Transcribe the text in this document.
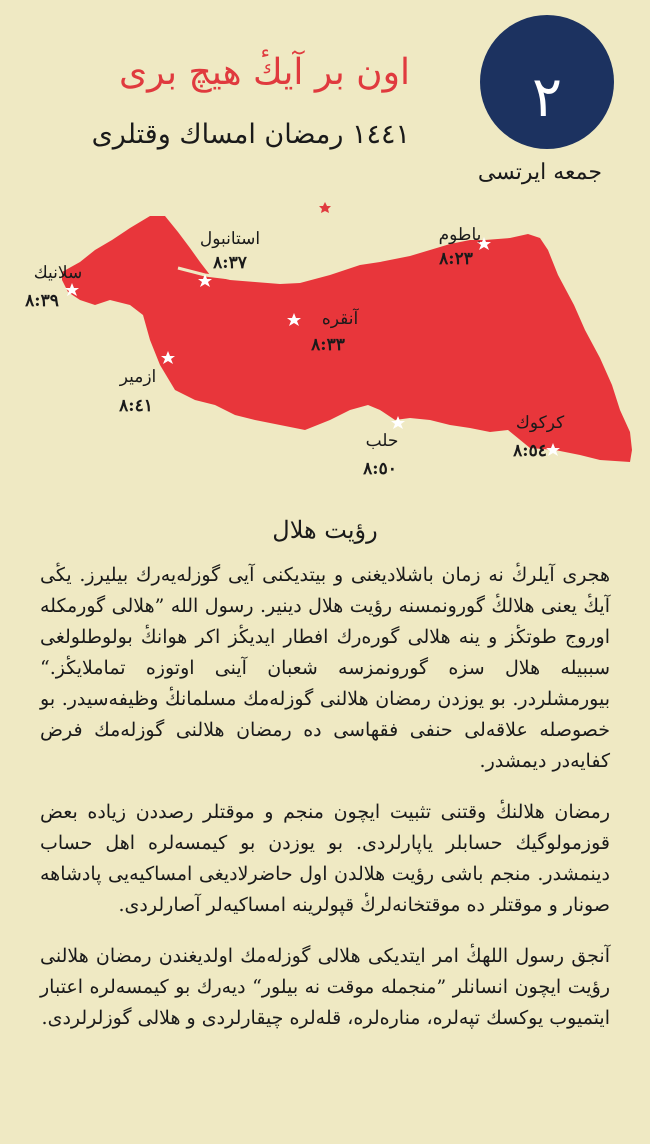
اون بر آيكٔ هيچ برى
١٤٤١ رمضان امساك وقتلرى
٢
جمعه ايرتسى
سلانيك
٨:٣٩
استانبول
٨:٣٧
باطوم
٨:٢٣
آنقره
٨:٣٣
ازمير
٨:٤١
حلب
٨:٥٠
كركوك
٨:٥٤
رؤيت هلال

هجرى آيلركٔ نه زمان باشلاديغنى و بيتديكنى آيى گوزلەيەرك بيليرز. يكٔى آيكٔ يعنى هلالكٔ گورونمسنه رؤيت هلال دينير. رسول الله ”هلالى گورمكله اوروج طوتكٔز و ينه هلالى گورەرك افطار ايديكٔز اكر هوانكٔ بولوطلولغى سببيله هلال سزه گورونمزسه شعبان آينى اوتوزه تماملايكٔز.“ بيورمشلردر. بو يوزدن رمضان هلالنى گوزلەمك مسلمانكٔ وظيفەسيدر. بو خصوصله علاقەلى حنفى فقهاسى ده رمضان هلالنى گوزلەمك فرض كفايەدر ديمشدر.

رمضان هلالنكٔ وقتنى تثبيت ايچون منجم و موقتلر رصددن زياده بعض قوزمولوگيك حسابلر ياپارلردى. بو يوزدن بو كيمسەلره اهل حساب دينمشدر. منجم باشى رؤيت هلالدن اول حاضرلاديغى امساكيەيى پادشاهه صونار و موقتلر ده موقتخانەلركٔ قپولرينه امساكيەلر آصارلردى.

آنجق رسول اللهكٔ امر ايتديكى هلالى گوزلەمك اولديغندن رمضان هلالنى رؤيت ايچون انسانلر ”منجمله موقت نه بيلور“ ديەرك بو كيمسەلره اعتبار ايتميوب يوكسك تپەلره، منارەلره، قلەلره چيقارلردى و هلالى گوزلرلردى.
